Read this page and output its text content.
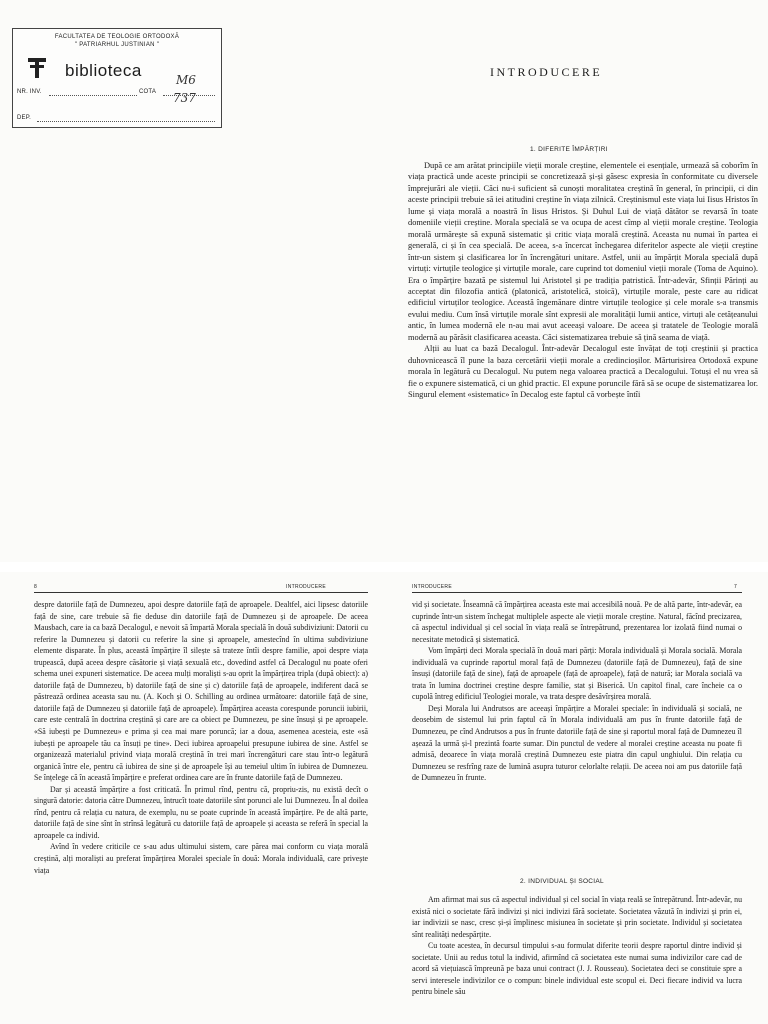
FACULTATEA DE TEOLOGIE ORTODOXĂ
" PATRIARHUL JUSTINIAN "
biblioteca	M6
NR. INV.	COTA 737
DEP.
INTRODUCERE
1. DIFERITE ÎMPĂRȚIRI

După ce am arătat principiile vieții morale creștine, elementele ei esențiale, urmează să coborîm în viața practică unde aceste principii se concretizează și-și găsesc expresia în conformitate cu diversele împrejurări ale vieții. Căci nu-i suficient să cunoști moralitatea creștină în general, în principii, ci din aceste principii trebuie să iei atitudini creștine în viața zilnică. Creștinismul este viața lui Iisus Hristos în lume și viața morală a noastră în Iisus Hristos. Și Duhul Lui de viață dătător se revarsă în toate domeniile vieții creștine. Morala specială se va ocupa de acest cîmp al vieții morale creștine. Teologia morală urmărește să expună sistematic și critic viața morală creștină. Aceasta nu numai în partea ei generală, ci și în cea specială. De aceea, s-a încercat închegarea diferitelor aspecte ale vieții creștine într-un sistem și clasificarea lor în încrengături unitare. Astfel, unii au împărțit Morala specială după virtuți: virtuțile teologice și virtuțile morale, care cuprind tot domeniul vieții morale (Toma de Aquino). Era o împărțire bazată pe sistemul lui Aristotel și pe tradiția patristică. Într-adevăr, Sfinții Părinți au acceptat din filozofia antică (platonică, aristotelică, stoică), virtuțile morale, peste care au ridicat edificiul virtuților teologice. Această îngemănare dintre virtuțile teologice și cele morale s-a transmis evului mediu. Cum însă virtuțile morale sînt expresii ale moralității lumii antice, virtuți ale cetățeanului antic, în lumea modernă ele n-au mai avut aceeași valoare. De aceea și tratatele de Teologie morală modernă au părăsit clasificarea aceasta. Căci sistematizarea trebuie să țină seama de viață.

Alții au luat ca bază Decalogul. Într-adevăr Decalogul este învățat de toți creștinii și practica duhovnicească îl pune la baza cercetării vieții morale a credincioșilor. Mărturisirea Ortodoxă expune morala în legătură cu Decalogul. Nu putem nega valoarea practică a Decalogului. Totuși el nu vrea să fie o expunere sistematică, ci un ghid practic. El expune poruncile fără să se ocupe de sistematizarea lor. Singurul element «sistematic» în Decalog este faptul că vorbește întîi

8	INTRODUCERE

despre datoriile față de Dumnezeu, apoi despre datoriile față de aproapele. Dealtfel, aici lipsesc datoriile față de sine, care trebuie să fie deduse din datoriile față de Dumnezeu și de aproapele. De aceea Mausbach, care ia ca bază Decalogul, e nevoit să împartă Morala specială în două subdiviziuni: Datorii cu referire la Dumnezeu și datorii cu referire la sine și aproapele, amestecînd în ultima subdiviziune elemente disparate. În plus, această împărțire îl silește să trateze întîi despre familie, apoi despre viața trupească, după aceea despre căsătorie și viață sexuală etc., dovedind astfel că Decalogul nu poate oferi schema unei expuneri sistematice. De aceea mulți moraliști s-au oprit la împărțirea tripla (după obiect): a) datoriile față de Dumnezeu, b) datoriile față de sine și c) datoriile față de aproapele, indiferent dacă se păstrează ordinea aceasta sau nu. (A. Koch și O. Schilling au ordinea următoare: datoriile față de sine, datoriile față de Dumnezeu și datoriile față de aproapele). Împărțirea aceasta corespunde poruncii iubirii, care este centrală în doctrina creștină și care are ca obiect pe Dumnezeu, pe sine însuși și pe aproapele. «Să iubești pe Dumnezeu» e prima și cea mai mare poruncă; iar a doua, asemenea acesteia, este «să iubești pe aproapele tău ca însuți pe tine». Deci iubirea aproapelui presupune iubirea de sine. Astfel se organizează materialul privind viața morală creștină în trei mari încrengături care stau într-o legătură organică între ele, pentru că iubirea de sine și de aproapele își au temeiul ultim în iubirea de Dumnezeu. Se înțelege că în această împărțire e preferat ordinea care are în frunte datoriile față de Dumnezeu.

Dar și această împărțire a fost criticată. În primul rînd, pentru că, propriu-zis, nu există decît o singură datorie: datoria către Dumnezeu, întrucît toate datoriile sînt porunci ale lui Dumnezeu. În al doilea rînd, pentru că relația cu natura, de exemplu, nu se poate cuprinde în această împărțire. Pe de altă parte, datoriile față de sine sînt în strînsă legătură cu datoriile față de aproapele și aceasta se referă în special la aproapele ca individ.

Avînd în vedere criticile ce s-au adus ultimului sistem, care părea mai conform cu viața morală creștină, alți moraliști au preferat împărțirea Moralei speciale în două: Morala individuală, care privește viața

INTRODUCERE	7

vid și societate. Înseamnă că împărțirea aceasta este mai accesibilă nouă. Pe de altă parte, într-adevăr, ea cuprinde într-un sistem închegat multiplele aspecte ale vieții morale creștine. Natural, făcînd precizarea, că aspectul individual și cel social în viața reală se întrepătrund, prezentarea lor izolată fiind numai o necesitate metodică și sistematică.

Vom împărți deci Morala specială în două mari părți: Morala individuală și Morala socială. Morala individuală va cuprinde raportul moral față de Dumnezeu (datoriile față de Dumnezeu), față de sine însuși (datoriile față de sine), față de aproapele (față de aproapele), față de natură; iar Morala socială va trata în lumina doctrinei creștine despre familie, stat și Biserică. Un capitol final, care încheie ca o cupolă întreg edificiul Teologiei morale, va trata despre desăvîrșirea morală.

Deși Morala lui Andrutsos are aceeași împărțire a Moralei speciale: în individuală și socială, ne deosebim de sistemul lui prin faptul că în Morala individuală am pus în frunte datoriile față de Dumnezeu, pe cînd Andrutsos a pus în frunte datoriile față de sine și raportul moral față de Dumnezeu îl așează la urmă și-l prezintă foarte sumar. Din punctul de vedere al moralei creștine aceasta nu poate fi admisă, deoarece în viața morală creștină Dumnezeu este piatra din capul unghiului. Din relația cu Dumnezeu se resfrîng raze de lumină asupra tuturor celorlalte relații. De aceea noi am pus datoriile față de Dumnezeu în frunte.

2. INDIVIDUAL ȘI SOCIAL

Am afirmat mai sus că aspectul individual și cel social în viața reală se întrepătrund. Într-adevăr, nu există nici o societate fără indivizi și nici indivizi fără societate. Societatea văzută în indivizi și prin ei, iar indivizii se nasc, cresc și-și împlinesc misiunea în societate și prin societate. Individul și societatea sînt realități nedespărțite.

Cu toate acestea, în decursul timpului s-au formulat diferite teorii despre raportul dintre individ și societate. Unii au redus totul la individ, afirmînd că societatea este numai suma indivizilor care cad de acord să viețuiască împreună pe baza unui contract (J. J. Rousseau). Societatea deci se constituie spre a servi interesele indivizilor ce o compun: binele individual este scopul ei. Deci fiecare individ va lucra pentru binele său
